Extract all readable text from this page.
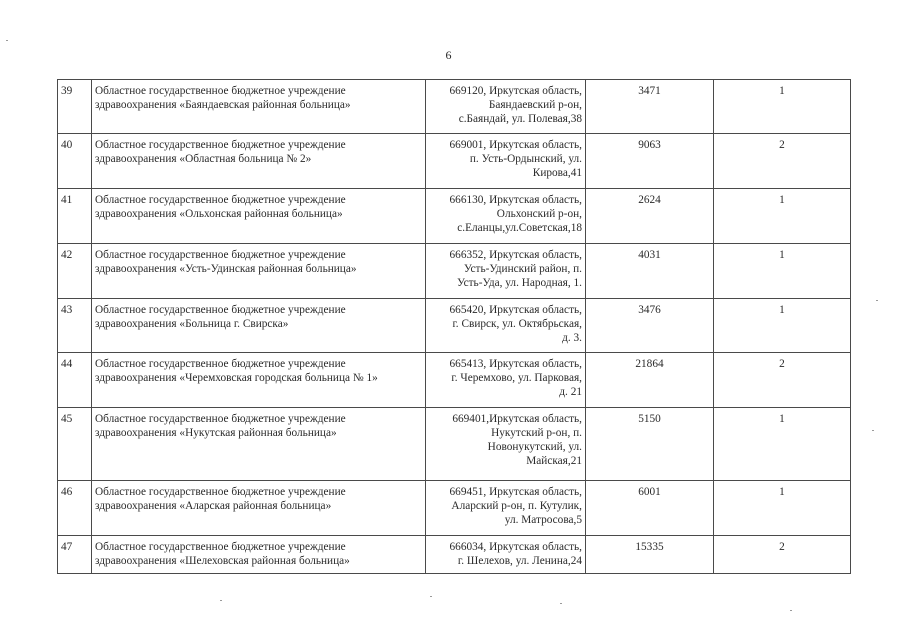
6
39	Областное государственное бюджетное учреждение
здравоохранения «Баяндаевская районная больница»	669120, Иркутская область,
Баяндаевский р-он,
с.Баяндай, ул. Полевая,38	3471	1
40	Областное государственное бюджетное учреждение
здравоохранения «Областная больница № 2»	669001, Иркутская область,
п. Усть-Ордынский, ул.
Кирова,41	9063	2
41	Областное государственное бюджетное учреждение
здравоохранения «Ольхонская районная больница»	666130, Иркутская область,
Ольхонский р-он,
с.Еланцы,ул.Советская,18	2624	1
42	Областное государственное бюджетное учреждение
здравоохранения «Усть-Удинская районная больница»	666352, Иркутская область,
Усть-Удинский район, п.
Усть-Уда, ул. Народная, 1.	4031	1
43	Областное государственное бюджетное учреждение
здравоохранения «Больница г. Свирска»	665420, Иркутская область,
г. Свирск, ул. Октябрьская,
д. 3.	3476	1
44	Областное государственное бюджетное учреждение
здравоохранения «Черемховская городская больница № 1»	665413, Иркутская область,
г. Черемхово, ул. Парковая,
д. 21	21864	2
45	Областное государственное бюджетное учреждение
здравоохранения «Нукутская районная больница»	669401,Иркутская область,
Нукутский р-он, п.
Новонукутский, ул.
Майская,21	5150	1
46	Областное государственное бюджетное учреждение
здравоохранения «Аларская районная больница»	669451, Иркутская область,
Аларский р-он, п. Кутулик,
ул. Матросова,5	6001	1
47	Областное государственное бюджетное учреждение
здравоохранения «Шелеховская районная больница»	666034, Иркутская область,
г. Шелехов, ул. Ленина,24	15335	2
